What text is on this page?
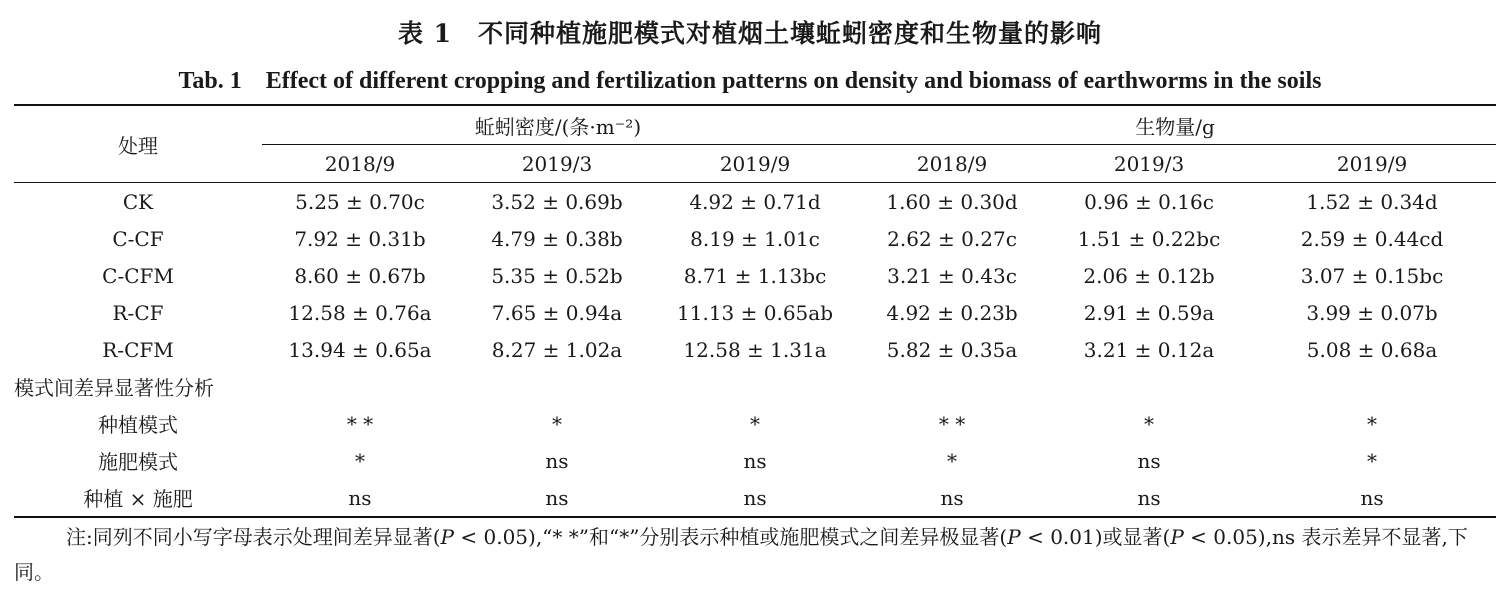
表 1　不同种植施肥模式对植烟土壤蚯蚓密度和生物量的影响
Tab. 1　Effect of different cropping and fertilization patterns on density and biomass of earthworms in the soils
处理	蚯蚓密度/(条·m⁻²)			生物量/g		
	2018/9	2019/3	2019/9	2018/9	2019/3	2019/9
CK	5.25 ± 0.70c	3.52 ± 0.69b	4.92 ± 0.71d	1.60 ± 0.30d	0.96 ± 0.16c	1.52 ± 0.34d
C-CF	7.92 ± 0.31b	4.79 ± 0.38b	8.19 ± 1.01c	2.62 ± 0.27c	1.51 ± 0.22bc	2.59 ± 0.44cd
C-CFM	8.60 ± 0.67b	5.35 ± 0.52b	8.71 ± 1.13bc	3.21 ± 0.43c	2.06 ± 0.12b	3.07 ± 0.15bc
R-CF	12.58 ± 0.76a	7.65 ± 0.94a	11.13 ± 0.65ab	4.92 ± 0.23b	2.91 ± 0.59a	3.99 ± 0.07b
R-CFM	13.94 ± 0.65a	8.27 ± 1.02a	12.58 ± 1.31a	5.82 ± 0.35a	3.21 ± 0.12a	5.08 ± 0.68a
模式间差异显著性分析						
种植模式	* *	*	*	* *	*	*
施肥模式	*	ns	ns	*	ns	*
种植 × 施肥	ns	ns	ns	ns	ns	ns
注:同列不同小写字母表示处理间差异显著(P < 0.05),“* *”和“*”分别表示种植或施肥模式之间差异极显著(P < 0.01)或显著(P < 0.05),ns 表示差异不显著,下同。
